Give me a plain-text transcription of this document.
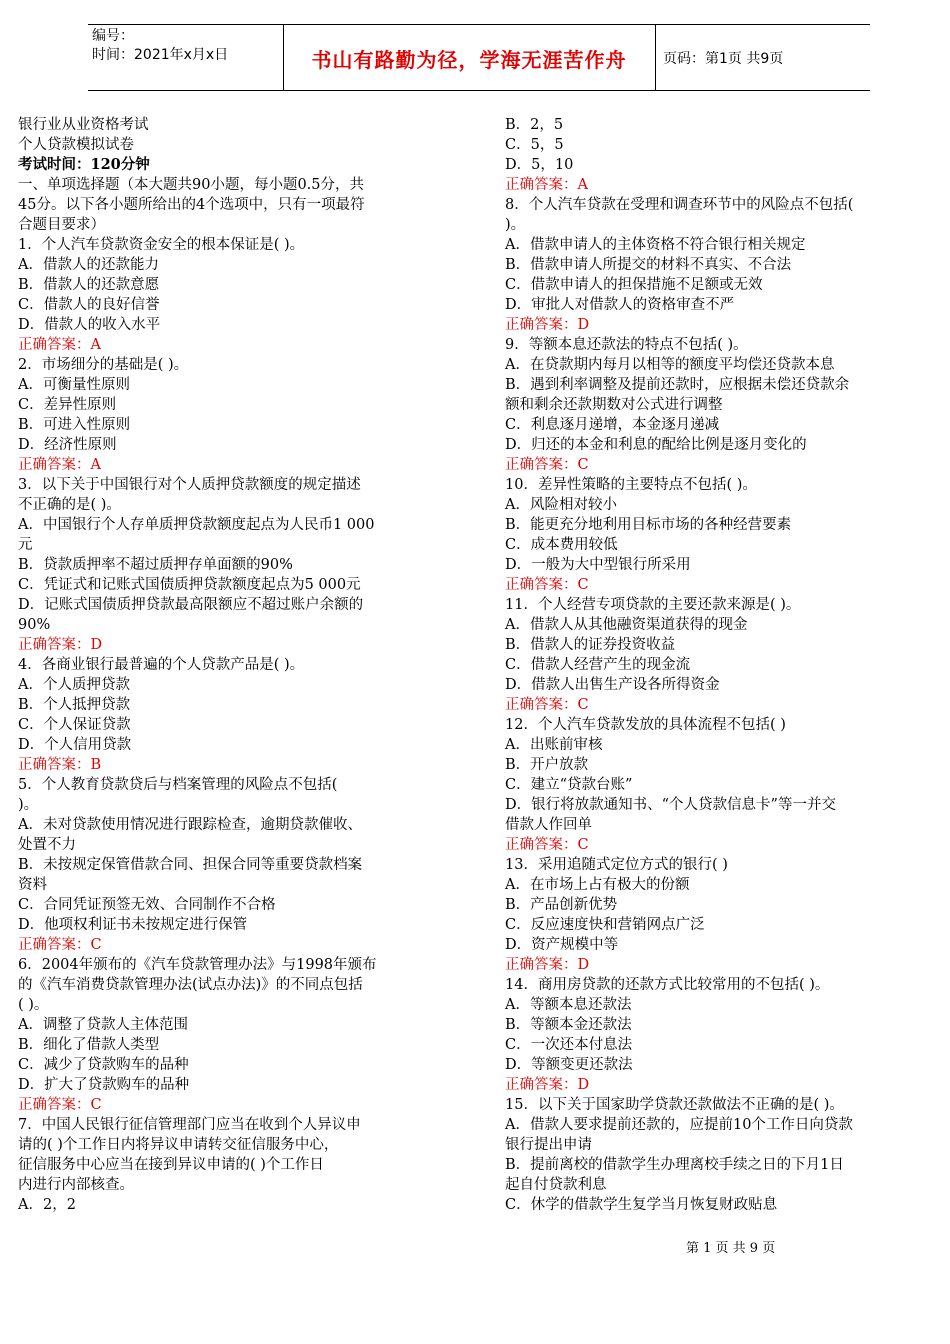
编号：
时间：2021年x月x日	书山有路勤为径，学海无涯苦作舟	页码：第1页 共9页
银行业从业资格考试
个人贷款模拟试卷
考试时间：120分钟
一、单项选择题（本大题共90小题，每小题0.5分，共
45分。以下各小题所给出的4个选项中，只有一项最符
合题目要求）
1．个人汽车贷款资金安全的根本保证是( )。
A．借款人的还款能力
B．借款人的还款意愿
C．借款人的良好信誉
D．借款人的收入水平
正确答案：A
2．市场细分的基础是( )。
A．可衡量性原则
C．差异性原则
B．可进入性原则
D．经济性原则
正确答案：A
3．以下关于中国银行对个人质押贷款额度的规定描述
不正确的是( )。
A．中国银行个人存单质押贷款额度起点为人民币1 000
元
B．贷款质押率不超过质押存单面额的90%
C．凭证式和记账式国债质押贷款额度起点为5 000元
D．记账式国债质押贷款最高限额应不超过账户余额的
90%
正确答案：D
4．各商业银行最普遍的个人贷款产品是( )。
A．个人质押贷款
B．个人抵押贷款
C．个人保证贷款
D．个人信用贷款
正确答案：B
5．个人教育贷款贷后与档案管理的风险点不包括(
)。
A．未对贷款使用情况进行跟踪检查，逾期贷款催收、
处置不力
B．未按规定保管借款合同、担保合同等重要贷款档案
资料
C．合同凭证预签无效、合同制作不合格
D．他项权利证书未按规定进行保管
正确答案：C
6．2004年颁布的《汽车贷款管理办法》与1998年颁布
的《汽车消费贷款管理办法(试点办法)》的不同点包括
( )。
A．调整了贷款人主体范围
B．细化了借款人类型
C．减少了贷款购车的品种
D．扩大了贷款购车的品种
正确答案：C
7．中国人民银行征信管理部门应当在收到个人异议申
请的( )个工作日内将异议申请转交征信服务中心，
征信服务中心应当在接到异议申请的( )个工作日
内进行内部核查。
A．2，2
B．2，5
C．5，5
D．5，10
正确答案：A
8．个人汽车贷款在受理和调查环节中的风险点不包括(
)。
A．借款申请人的主体资格不符合银行相关规定
B．借款申请人所提交的材料不真实、不合法
C．借款申请人的担保措施不足额或无效
D．审批人对借款人的资格审查不严
正确答案：D
9．等额本息还款法的特点不包括( )。
A．在贷款期内每月以相等的额度平均偿还贷款本息
B．遇到利率调整及提前还款时，应根据未偿还贷款余
额和剩余还款期数对公式进行调整
C．利息逐月递增，本金逐月递减
D．归还的本金和利息的配给比例是逐月变化的
正确答案：C
10．差异性策略的主要特点不包括( )。
A．风险相对较小
B．能更充分地利用目标市场的各种经营要素
C．成本费用较低
D．一般为大中型银行所采用
正确答案：C
11．个人经营专项贷款的主要还款来源是( )。
A．借款人从其他融资渠道获得的现金
B．借款人的证券投资收益
C．借款人经营产生的现金流
D．借款人出售生产设各所得资金
正确答案：C
12．个人汽车贷款发放的具体流程不包括( )
A．出账前审核
B．开户放款
C．建立“贷款台账”
D．银行将放款通知书、“个人贷款信息卡”等一并交
借款人作回单
正确答案：C
13．采用追随式定位方式的银行( )
A．在市场上占有极大的份额
B．产品创新优势
C．反应速度快和营销网点广泛
D．资产规模中等
正确答案：D
14．商用房贷款的还款方式比较常用的不包括( )。
A．等额本息还款法
B．等额本金还款法
C．一次还本付息法
D．等额变更还款法
正确答案：D
15．以下关于国家助学贷款还款做法不正确的是( )。
A．借款人要求提前还款的，应提前10个工作日向贷款
银行提出申请
B．提前离校的借款学生办理离校手续之日的下月1日
起自付贷款利息
C．休学的借款学生复学当月恢复财政贴息
第 1 页 共 9 页
